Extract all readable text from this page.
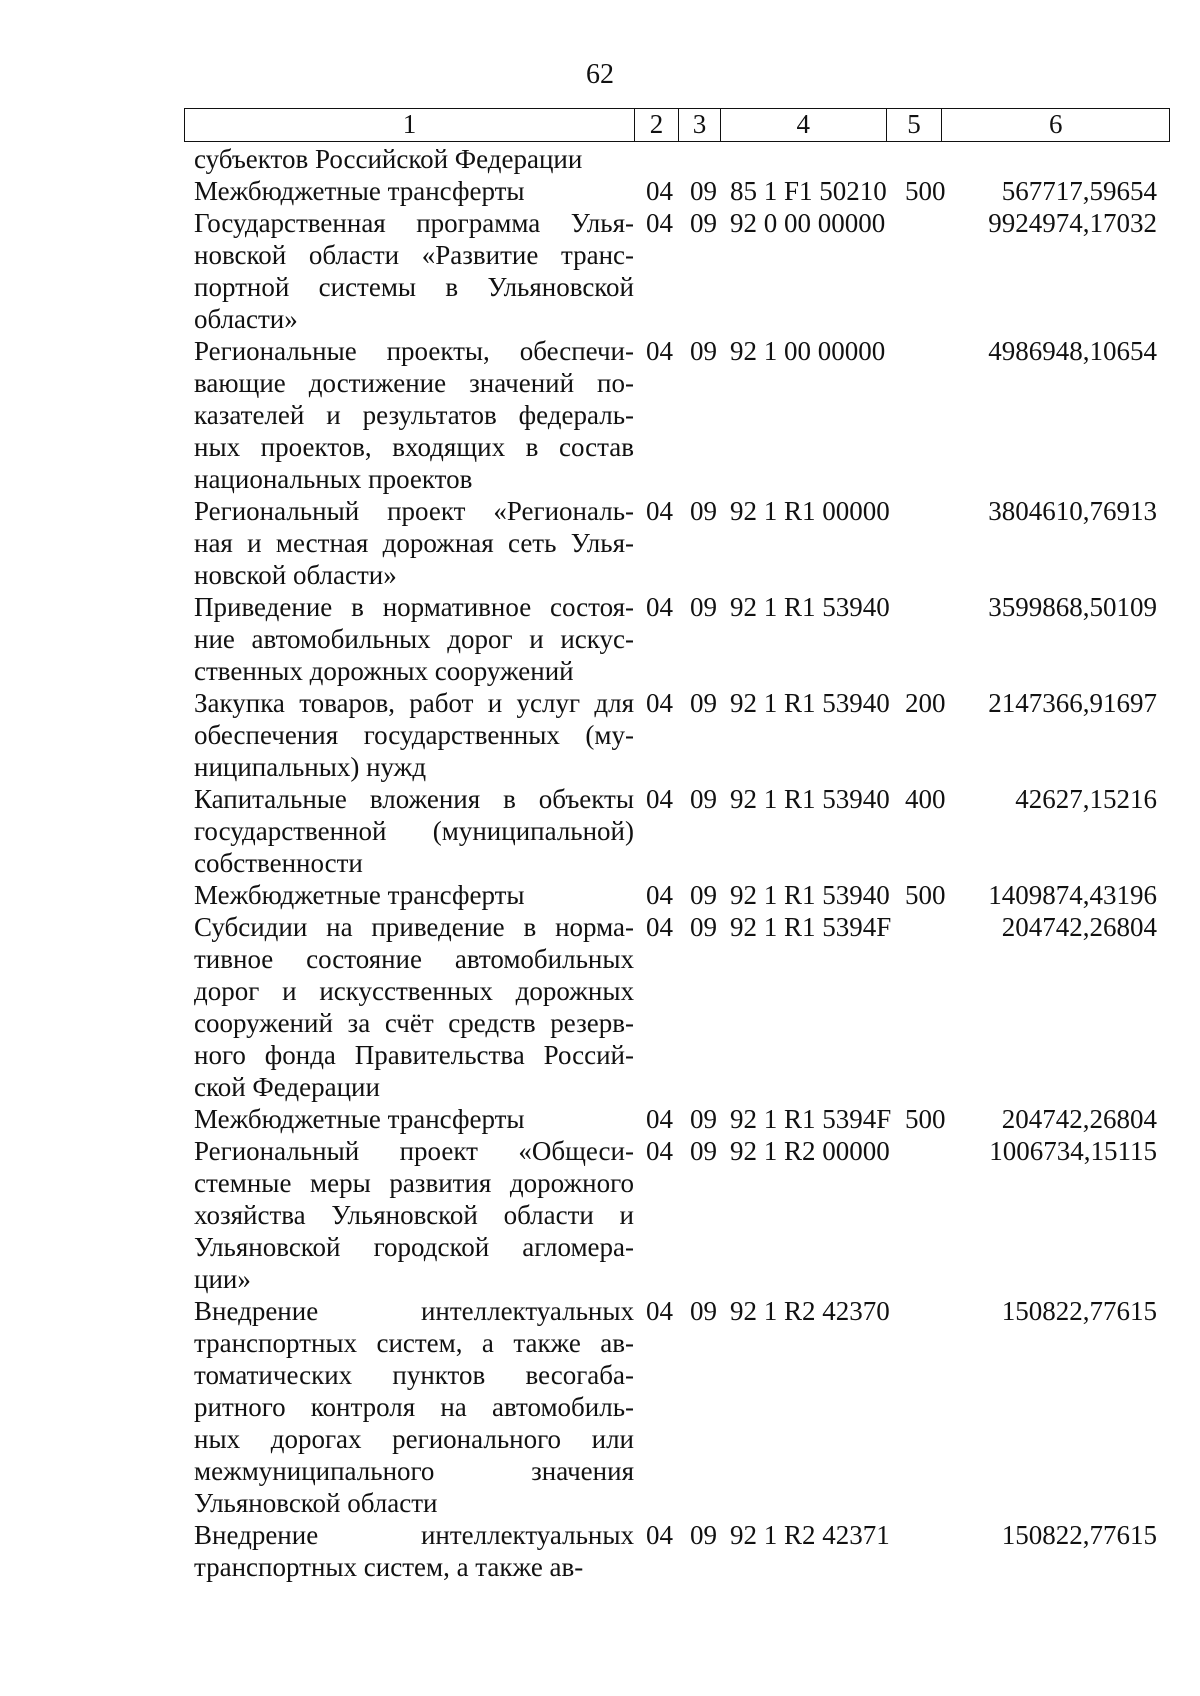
62
1	2	3	4	5	6
субъектов Российской Федерации
Межбюджетные трансферты	04 09 85 1 F1 50210 500 567717,59654
Государственная программа Улья-
новской области «Развитие транс-
портной системы в Ульяновской
области»
04 09 92 0 00 00000	9924974,17032
Региональные проекты, обеспечи-
вающие достижение значений по-
казателей и результатов федераль-
ных проектов, входящих в состав
национальных проектов
04 09 92 1 00 00000	4986948,10654
Региональный проект «Региональ-
ная и местная дорожная сеть Улья-
новской области»
04 09 92 1 R1 00000	3804610,76913
Приведение в нормативное состоя-
ние автомобильных дорог и искус-
ственных дорожных сооружений
04 09 92 1 R1 53940	3599868,50109
Закупка товаров, работ и услуг для
обеспечения государственных (му-
ниципальных) нужд
04 09 92 1 R1 53940 200 2147366,91697
Капитальные вложения в объекты
государственной (муниципальной)
собственности
04 09 92 1 R1 53940 400	42627,15216
Межбюджетные трансферты	04 09 92 1 R1 53940 500 1409874,43196
Субсидии на приведение в норма-
тивное состояние автомобильных
дорог и искусственных дорожных
сооружений за счёт средств резерв-
ного фонда Правительства Россий-
ской Федерации
04 09 92 1 R1 5394F	204742,26804
Межбюджетные трансферты	04 09 92 1 R1 5394F 500 204742,26804
Региональный проект «Общеси-
стемные меры развития дорожного
хозяйства Ульяновской области и
Ульяновской городской агломера-
ции»
04 09 92 1 R2 00000	1006734,15115
Внедрение интеллектуальных
транспортных систем, а также ав-
томатических пунктов весогаба-
ритного контроля на автомобиль-
ных дорогах регионального или
межмуниципального значения
Ульяновской области
04 09 92 1 R2 42370	150822,77615
Внедрение интеллектуальных
транспортных систем, а также ав-
04 09 92 1 R2 42371	150822,77615
